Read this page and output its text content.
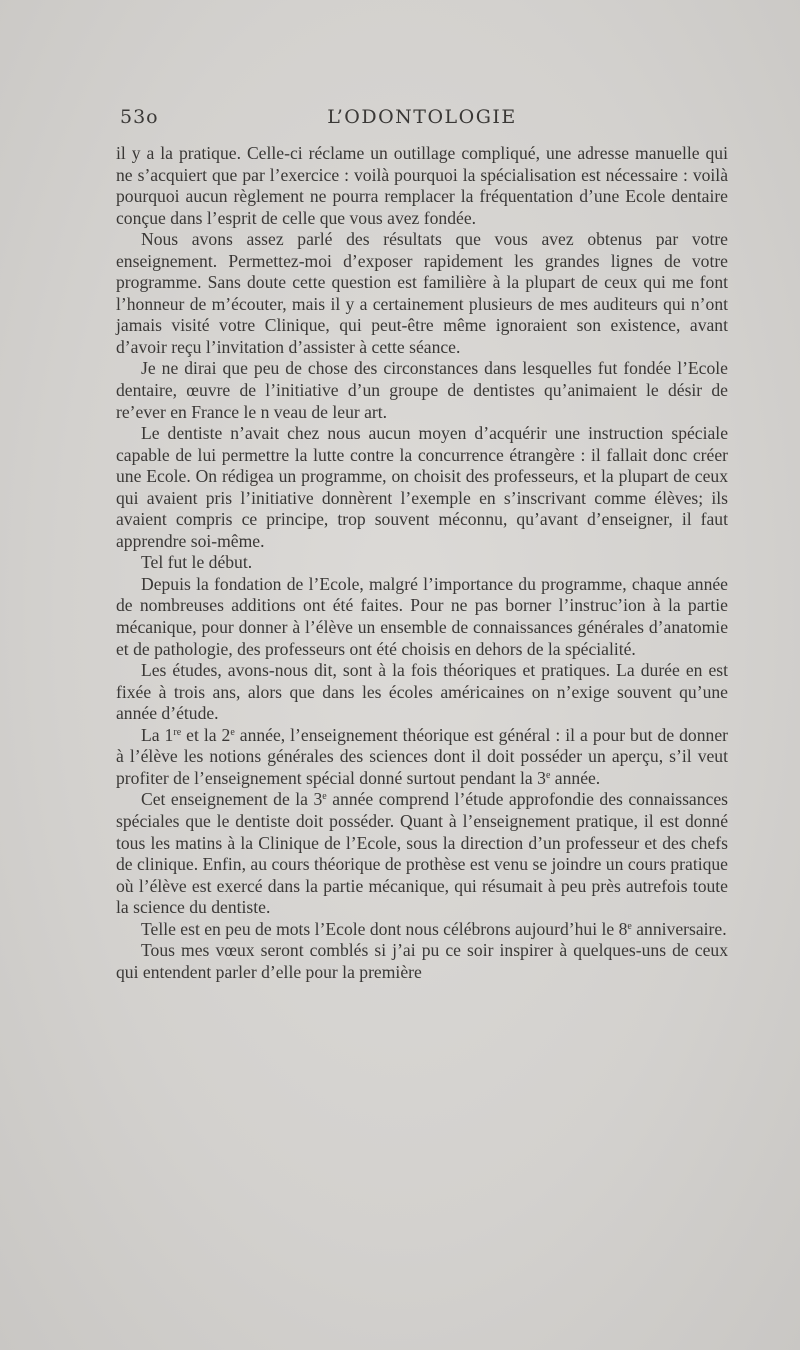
53o	L’ODONTOLOGIE

il y a la pratique. Celle-ci réclame un outillage compliqué, une adresse manuelle qui ne s’acquiert que par l’exercice : voilà pourquoi la spécialisation est nécessaire : voilà pourquoi aucun règlement ne pourra remplacer la fréquentation d’une Ecole dentaire conçue dans l’esprit de celle que vous avez fondée.

Nous avons assez parlé des résultats que vous avez obtenus par votre enseignement. Permettez-moi d’exposer rapidement les grandes lignes de votre programme. Sans doute cette question est familière à la plupart de ceux qui me font l’honneur de m’écouter, mais il y a certainement plusieurs de mes auditeurs qui n’ont jamais visité votre Clinique, qui peut-être même ignoraient son existence, avant d’avoir reçu l’invitation d’assister à cette séance.

Je ne dirai que peu de chose des circonstances dans lesquelles fut fondée l’Ecole dentaire, œuvre de l’initiative d’un groupe de dentistes qu’animaient le désir de re’ever en France le n veau de leur art.

Le dentiste n’avait chez nous aucun moyen d’acquérir une instruction spéciale capable de lui permettre la lutte contre la concurrence étrangère : il fallait donc créer une Ecole. On rédigea un programme, on choisit des professeurs, et la plupart de ceux qui avaient pris l’initiative donnèrent l’exemple en s’inscrivant comme élèves; ils avaient compris ce principe, trop souvent méconnu, qu’avant d’enseigner, il faut apprendre soi-même.

Tel fut le début.

Depuis la fondation de l’Ecole, malgré l’importance du programme, chaque année de nombreuses additions ont été faites. Pour ne pas borner l’instruc’ion à la partie mécanique, pour donner à l’élève un ensemble de connaissances générales d’anatomie et de pathologie, des professeurs ont été choisis en dehors de la spécialité.

Les études, avons-nous dit, sont à la fois théoriques et pratiques. La durée en est fixée à trois ans, alors que dans les écoles américaines on n’exige souvent qu’une année d’étude.

La 1re et la 2e année, l’enseignement théorique est général : il a pour but de donner à l’élève les notions générales des sciences dont il doit posséder un aperçu, s’il veut profiter de l’enseignement spécial donné surtout pendant la 3e année.

Cet enseignement de la 3e année comprend l’étude approfondie des connaissances spéciales que le dentiste doit posséder. Quant à l’enseignement pratique, il est donné tous les matins à la Clinique de l’Ecole, sous la direction d’un professeur et des chefs de clinique. Enfin, au cours théorique de prothèse est venu se joindre un cours pratique où l’élève est exercé dans la partie mécanique, qui résumait à peu près autrefois toute la science du dentiste.

Telle est en peu de mots l’Ecole dont nous célébrons aujourd’hui le 8e anniversaire.

Tous mes vœux seront comblés si j’ai pu ce soir inspirer à quelques-uns de ceux qui entendent parler d’elle pour la première
